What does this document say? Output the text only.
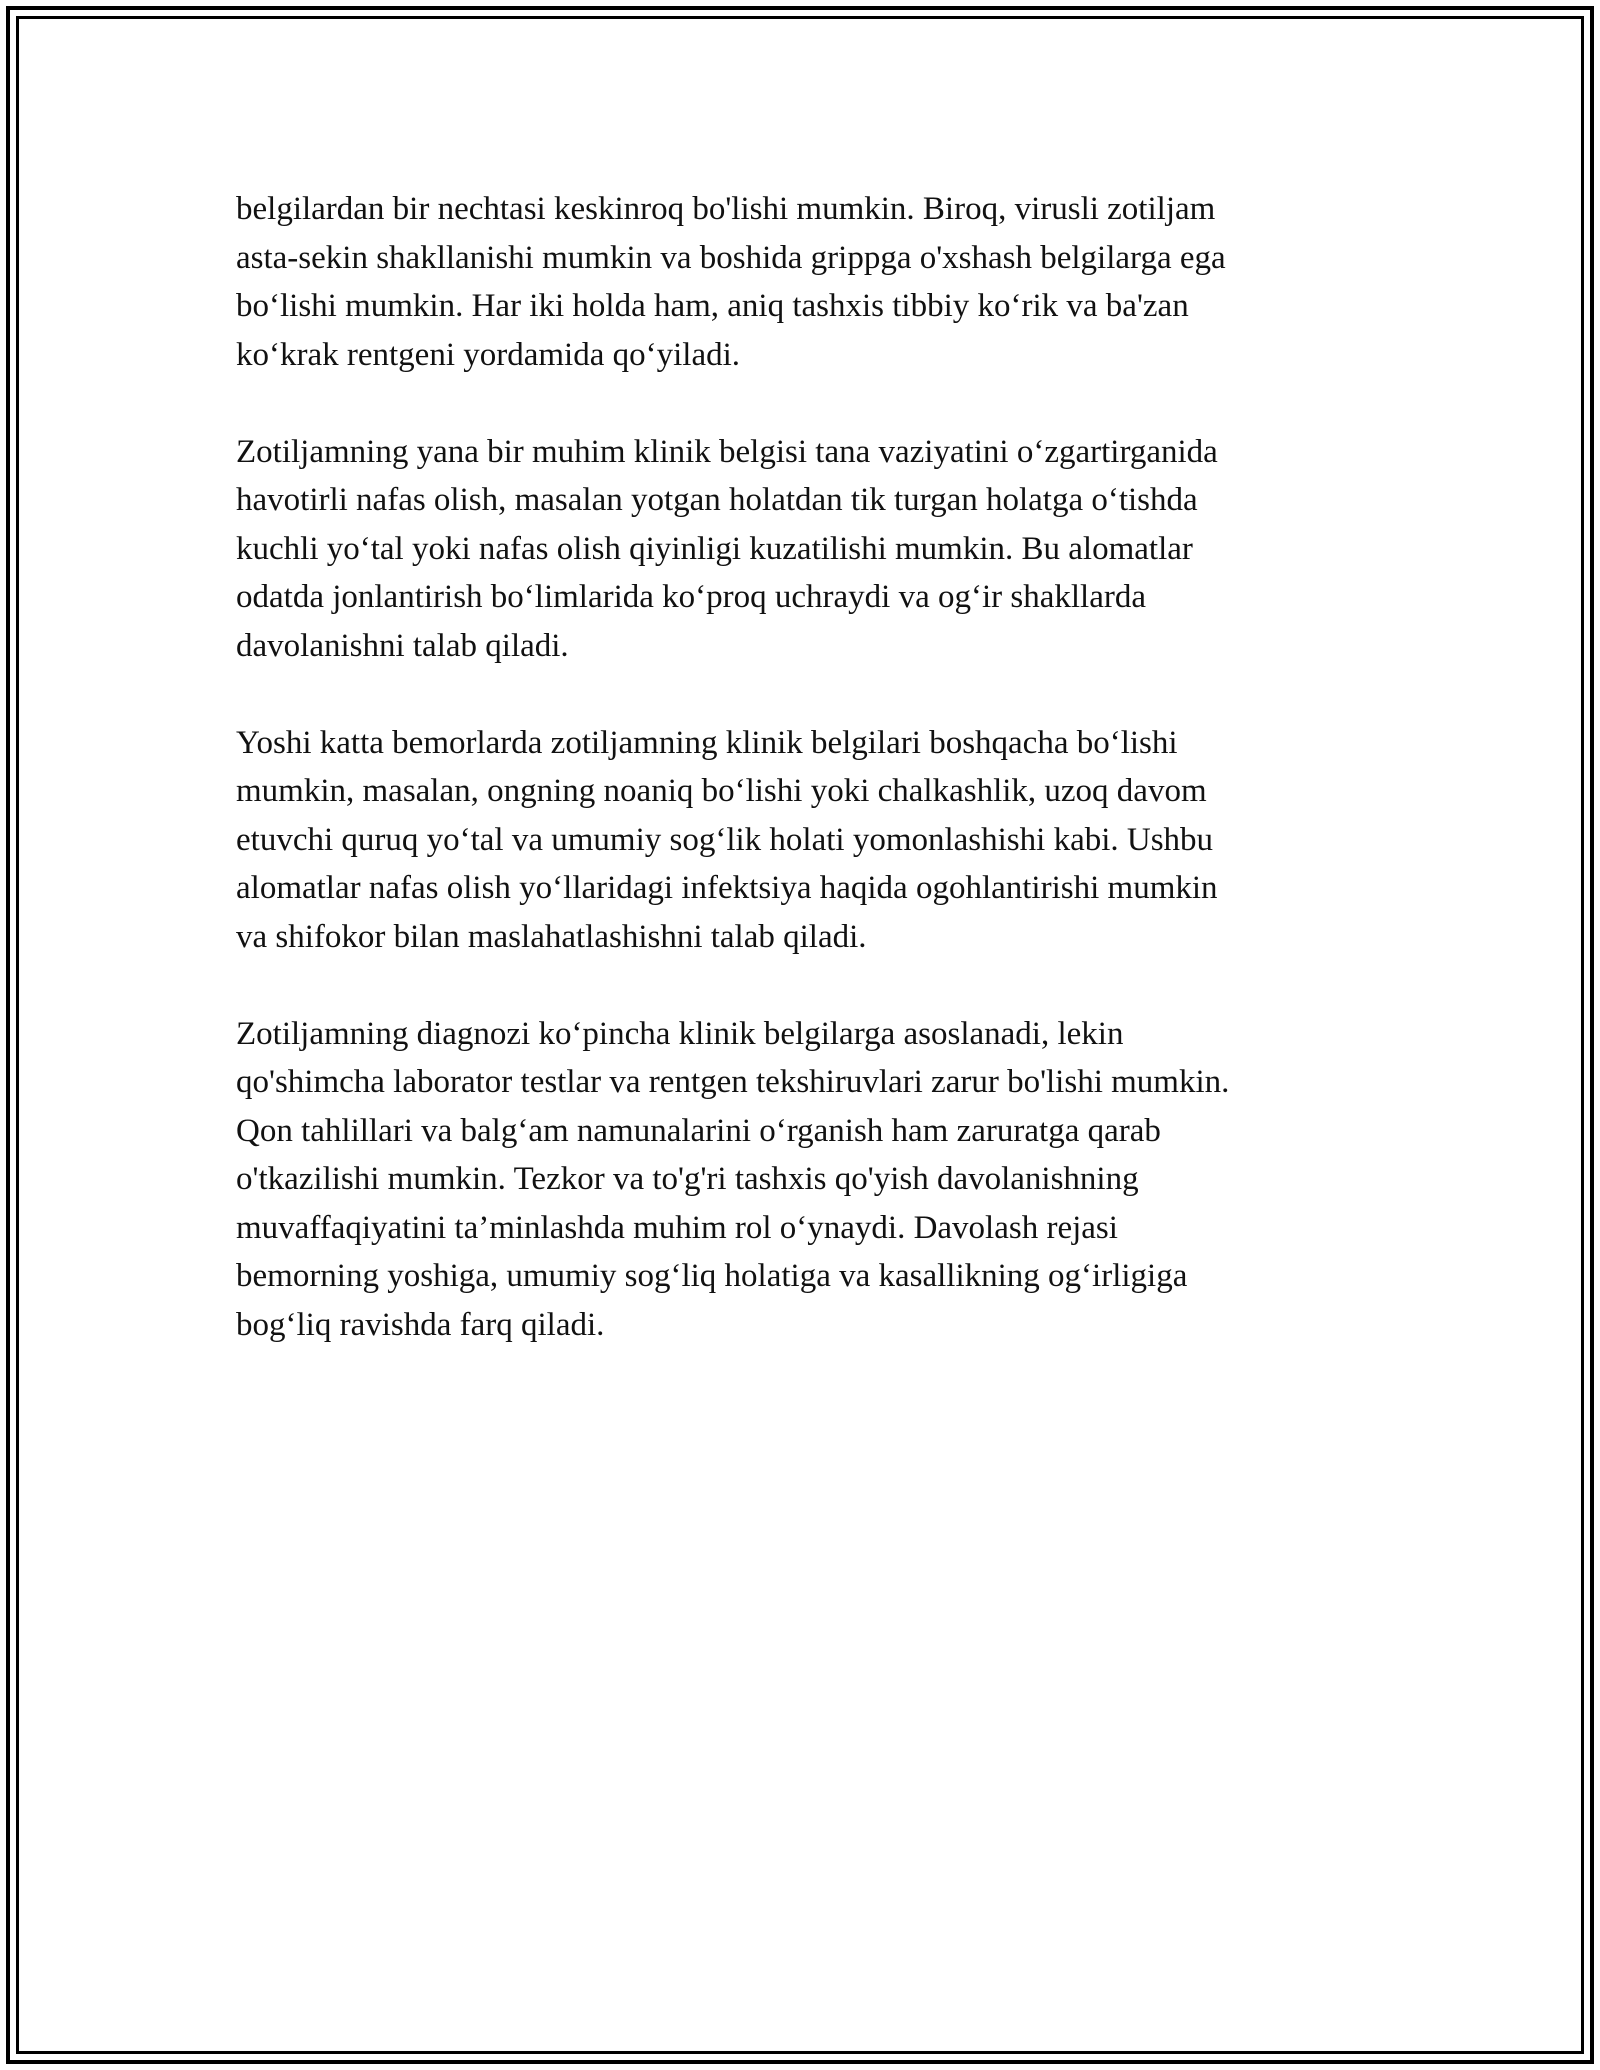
belgilardan bir nechtasi keskinroq bo'lishi mumkin. Biroq, virusli zotiljam
asta-sekin shakllanishi mumkin va boshida grippga o'xshash belgilarga ega
bo‘lishi mumkin. Har iki holda ham, aniq tashxis tibbiy ko‘rik va ba'zan
ko‘krak rentgeni yordamida qo‘yiladi.

Zotiljamning yana bir muhim klinik belgisi tana vaziyatini o‘zgartirganida
havotirli nafas olish, masalan yotgan holatdan tik turgan holatga o‘tishda
kuchli yo‘tal yoki nafas olish qiyinligi kuzatilishi mumkin. Bu alomatlar
odatda jonlantirish bo‘limlarida ko‘proq uchraydi va og‘ir shakllarda
davolanishni talab qiladi.

Yoshi katta bemorlarda zotiljamning klinik belgilari boshqacha bo‘lishi
mumkin, masalan, ongning noaniq bo‘lishi yoki chalkashlik, uzoq davom
etuvchi quruq yo‘tal va umumiy sog‘lik holati yomonlashishi kabi. Ushbu
alomatlar nafas olish yo‘llaridagi infektsiya haqida ogohlantirishi mumkin
va shifokor bilan maslahatlashishni talab qiladi.

Zotiljamning diagnozi ko‘pincha klinik belgilarga asoslanadi, lekin
qo'shimcha laborator testlar va rentgen tekshiruvlari zarur bo'lishi mumkin.
Qon tahlillari va balg‘am namunalarini o‘rganish ham zaruratga qarab
o'tkazilishi mumkin. Tezkor va to'g'ri tashxis qo'yish davolanishning
muvaffaqiyatini ta’minlashda muhim rol o‘ynaydi. Davolash rejasi
bemorning yoshiga, umumiy sog‘liq holatiga va kasallikning og‘irligiga
bog‘liq ravishda farq qiladi.
